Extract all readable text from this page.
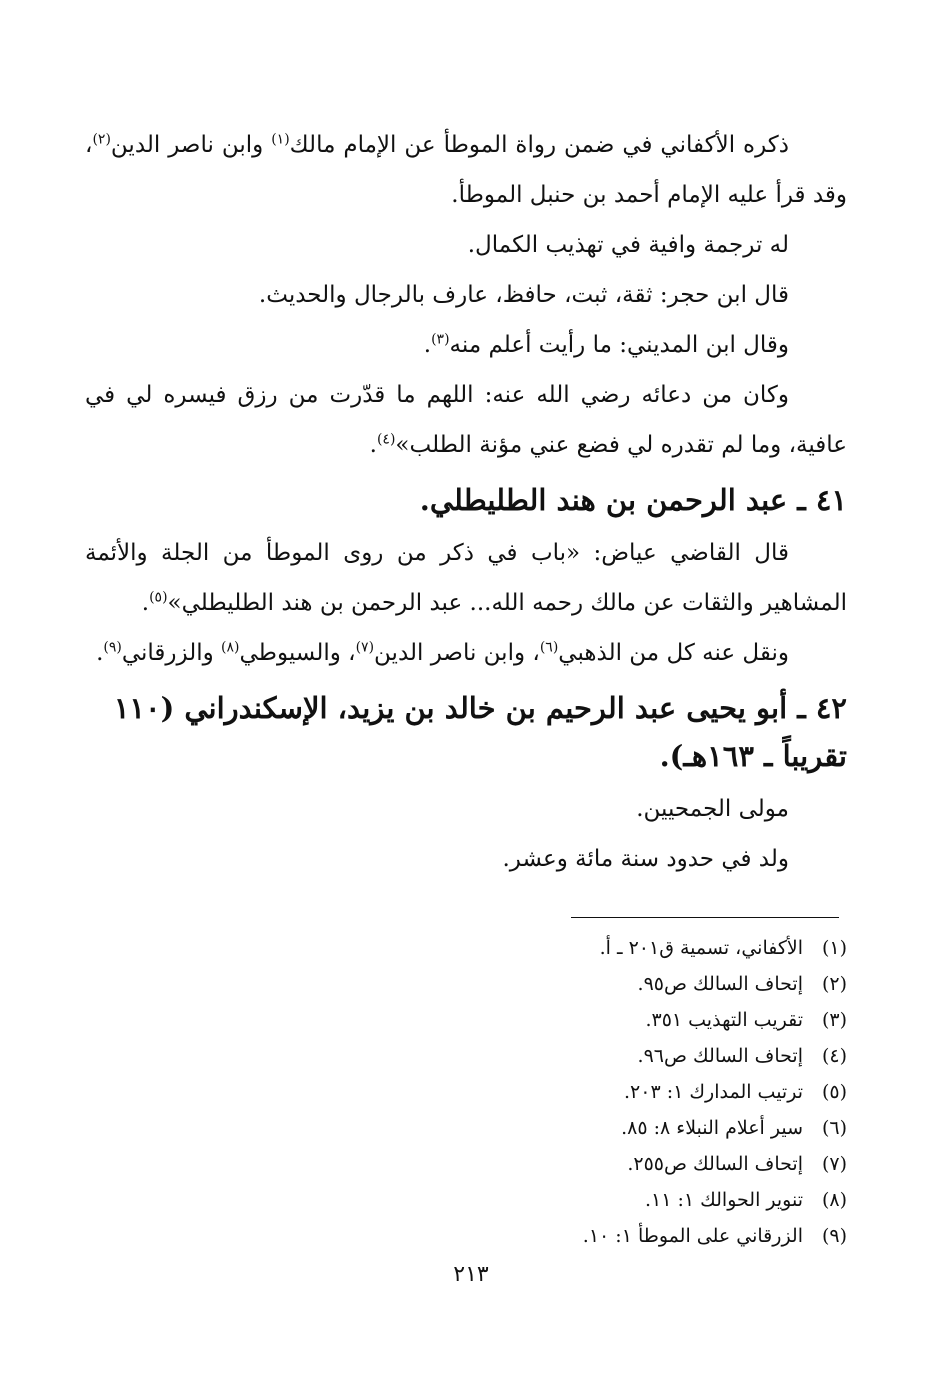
ذكره الأكفاني في ضمن رواة الموطأ عن الإمام مالك$^{(١)}$ وابن ناصر الدين$^{(٢)}$، وقد قرأ عليه الإمام أحمد بن حنبل الموطأ.

له ترجمة وافية في تهذيب الكمال.

قال ابن حجر: ثقة، ثبت، حافظ، عارف بالرجال والحديث.

وقال ابن المديني: ما رأيت أعلم منه$^{(٣)}$.

وكان من دعائه رضي الله عنه: اللهم ما قدّرت من رزق فيسره لي في عافية، وما لم تقدره لي فضع عني مؤنة الطلب»$^{(٤)}$.

٤١ ـ عبد الرحمن بن هند الطليطلي.

قال القاضي عياض: «باب في ذكر من روى الموطأ من الجلة والأئمة المشاهير والثقات عن مالك رحمه الله... عبد الرحمن بن هند الطليطلي»$^{(٥)}$.

ونقل عنه كل من الذهبي$^{(٦)}$، وابن ناصر الدين$^{(٧)}$، والسيوطي$^{(٨)}$ والزرقاني$^{(٩)}$.

٤٢ ـ أبو يحيى عبد الرحيم بن خالد بن يزيد، الإسكندراني (١١٠ تقريباً ـ ١٦٣هـ).

مولى الجمحيين.

ولد في حدود سنة مائة وعشر.

(١)
الأكفاني، تسمية ق٢٠١ ـ أ.
(٢)
إتحاف السالك ص٩٥.
(٣)
تقريب التهذيب ٣٥١.
(٤)
إتحاف السالك ص٩٦.
(٥)
ترتيب المدارك ١: ٢٠٣.
(٦)
سير أعلام النبلاء ٨: ٨٥.
(٧)
إتحاف السالك ص٢٥٥.
(٨)
تنوير الحوالك ١: ١١.
(٩)
الزرقاني على الموطأ ١: ١٠.
٢١٣
